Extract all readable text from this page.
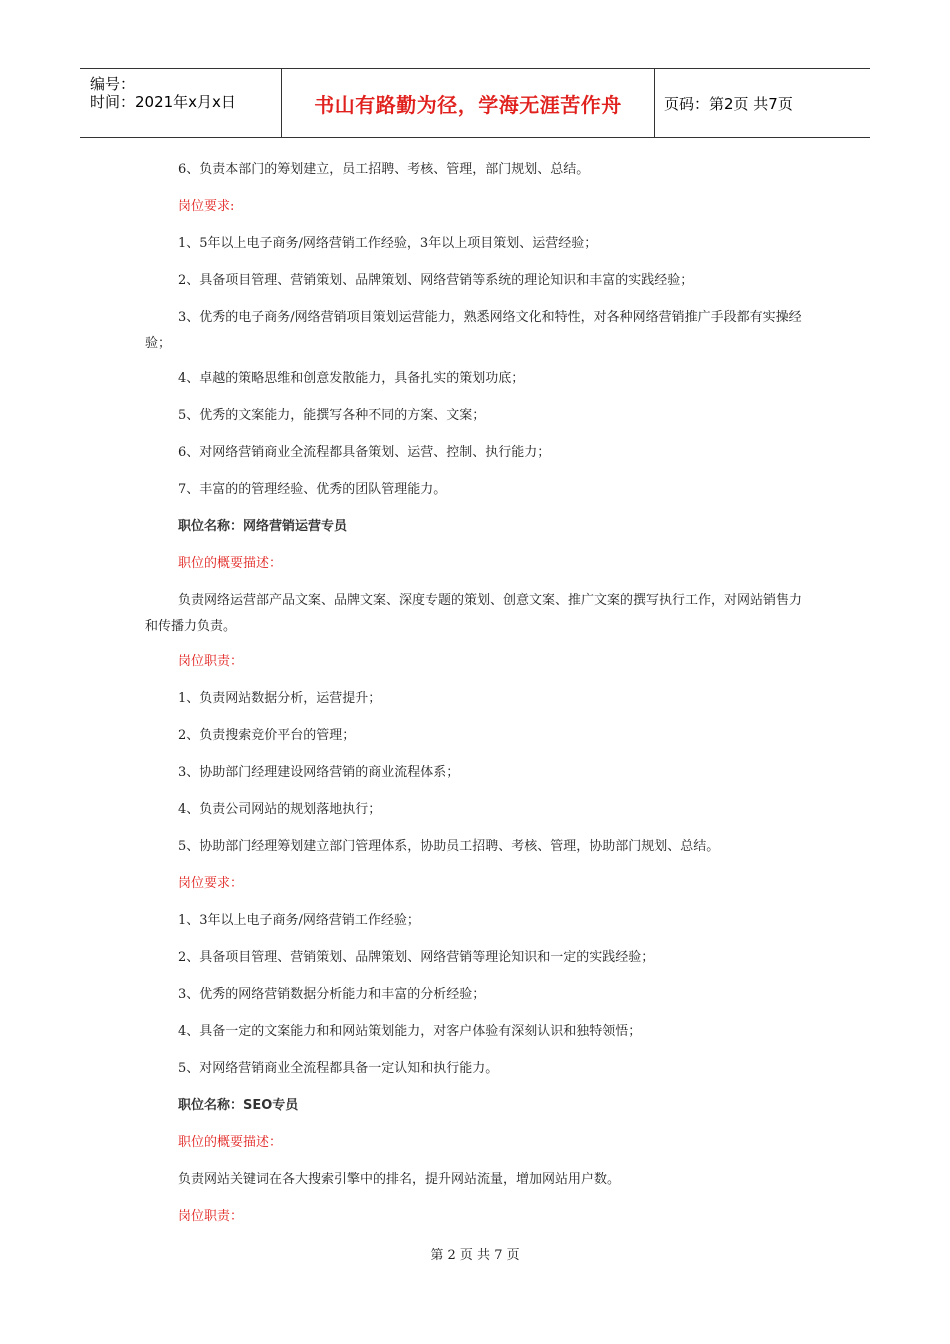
编号：
时间：2021年x月x日	书山有路勤为径，学海无涯苦作舟	页码：第2页 共7页
6、负责本部门的筹划建立，员工招聘、考核、管理，部门规划、总结。
岗位要求:
1、5年以上电子商务/网络营销工作经验，3年以上项目策划、运营经验；
2、具备项目管理、营销策划、品牌策划、网络营销等系统的理论知识和丰富的实践经验；
3、优秀的电子商务/网络营销项目策划运营能力，熟悉网络文化和特性，对各种网络营销推广手段都有实操经验；
4、卓越的策略思维和创意发散能力，具备扎实的策划功底；
5、优秀的文案能力，能撰写各种不同的方案、文案；
6、对网络营销商业全流程都具备策划、运营、控制、执行能力；
7、丰富的的管理经验、优秀的团队管理能力。
职位名称：网络营销运营专员
职位的概要描述：
负责网络运营部产品文案、品牌文案、深度专题的策划、创意文案、推广文案的撰写执行工作，对网站销售力和传播力负责。
岗位职责：
1、负责网站数据分析，运营提升；
2、负责搜索竞价平台的管理；
3、协助部门经理建设网络营销的商业流程体系；
4、负责公司网站的规划落地执行；
5、协助部门经理筹划建立部门管理体系，协助员工招聘、考核、管理，协助部门规划、总结。
岗位要求：
1、3年以上电子商务/网络营销工作经验；
2、具备项目管理、营销策划、品牌策划、网络营销等理论知识和一定的实践经验；
3、优秀的网络营销数据分析能力和丰富的分析经验；
4、具备一定的文案能力和和网站策划能力，对客户体验有深刻认识和独特领悟；
5、对网络营销商业全流程都具备一定认知和执行能力。
职位名称：SEO专员
职位的概要描述：
负责网站关键词在各大搜索引擎中的排名，提升网站流量，增加网站用户数。
岗位职责：
第 2 页 共 7 页
